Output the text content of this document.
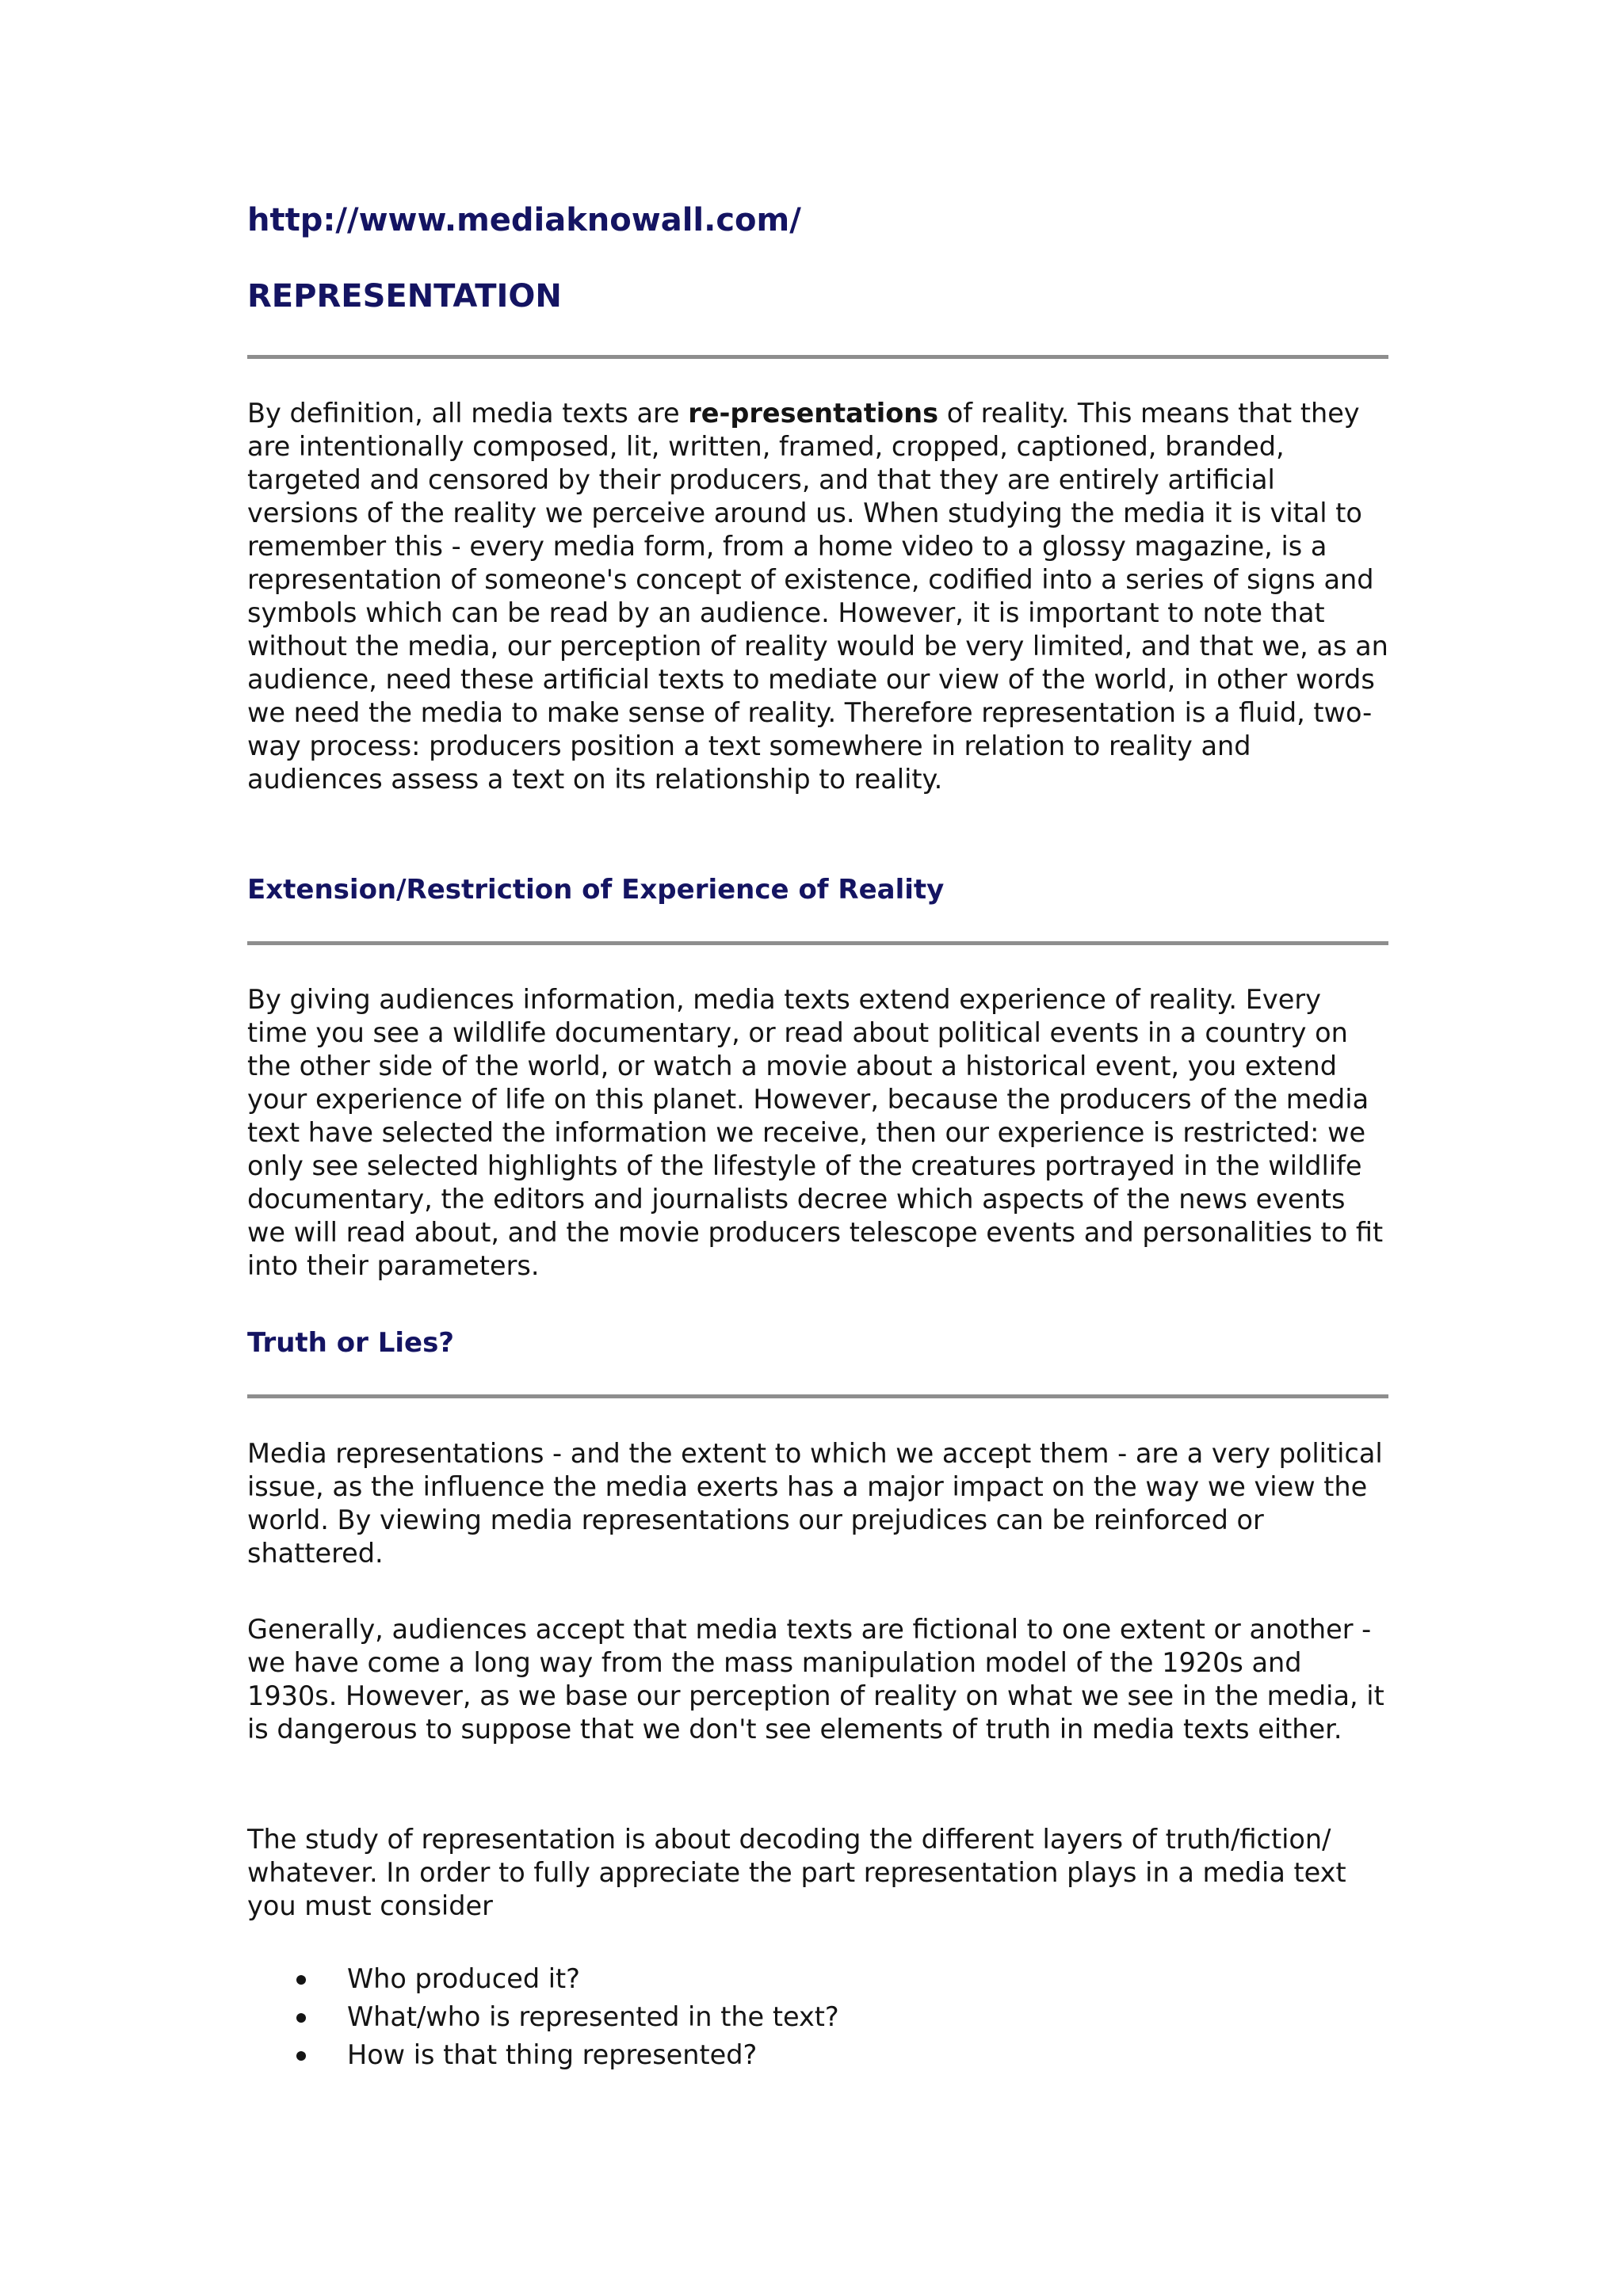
http://www.mediaknowall.com/

REPRESENTATION

By definition, all media texts are re-presentations of reality. This means that they are intentionally composed, lit, written, framed, cropped, captioned, branded, targeted and censored by their producers, and that they are entirely artificial versions of the reality we perceive around us. When studying the media it is vital to remember this - every media form, from a home video to a glossy magazine, is a representation of someone's concept of existence, codified into a series of signs and symbols which can be read by an audience. However, it is important to note that without the media, our perception of reality would be very limited, and that we, as an audience, need these artificial texts to mediate our view of the world, in other words we need the media to make sense of reality. Therefore representation is a fluid, two-way process: producers position a text somewhere in relation to reality and audiences assess a text on its relationship to reality.

Extension/Restriction of Experience of Reality

By giving audiences information, media texts extend experience of reality. Every time you see a wildlife documentary, or read about political events in a country on the other side of the world, or watch a movie about a historical event, you extend your experience of life on this planet. However, because the producers of the media text have selected the information we receive, then our experience is restricted: we only see selected highlights of the lifestyle of the creatures portrayed in the wildlife documentary, the editors and journalists decree which aspects of the news events we will read about, and the movie producers telescope events and personalities to fit into their parameters.

Truth or Lies?

Media representations - and the extent to which we accept them - are a very political issue, as the influence the media exerts has a major impact on the way we view the world. By viewing media representations our prejudices can be reinforced or shattered.

Generally, audiences accept that media texts are fictional to one extent or another - we have come a long way from the mass manipulation model of the 1920s and 1930s. However, as we base our perception of reality on what we see in the media, it is dangerous to suppose that we don't see elements of truth in media texts either.

The study of representation is about decoding the different layers of truth/fiction/ whatever. In order to fully appreciate the part representation plays in a media text you must consider

Who produced it?
What/who is represented in the text?
How is that thing represented?
